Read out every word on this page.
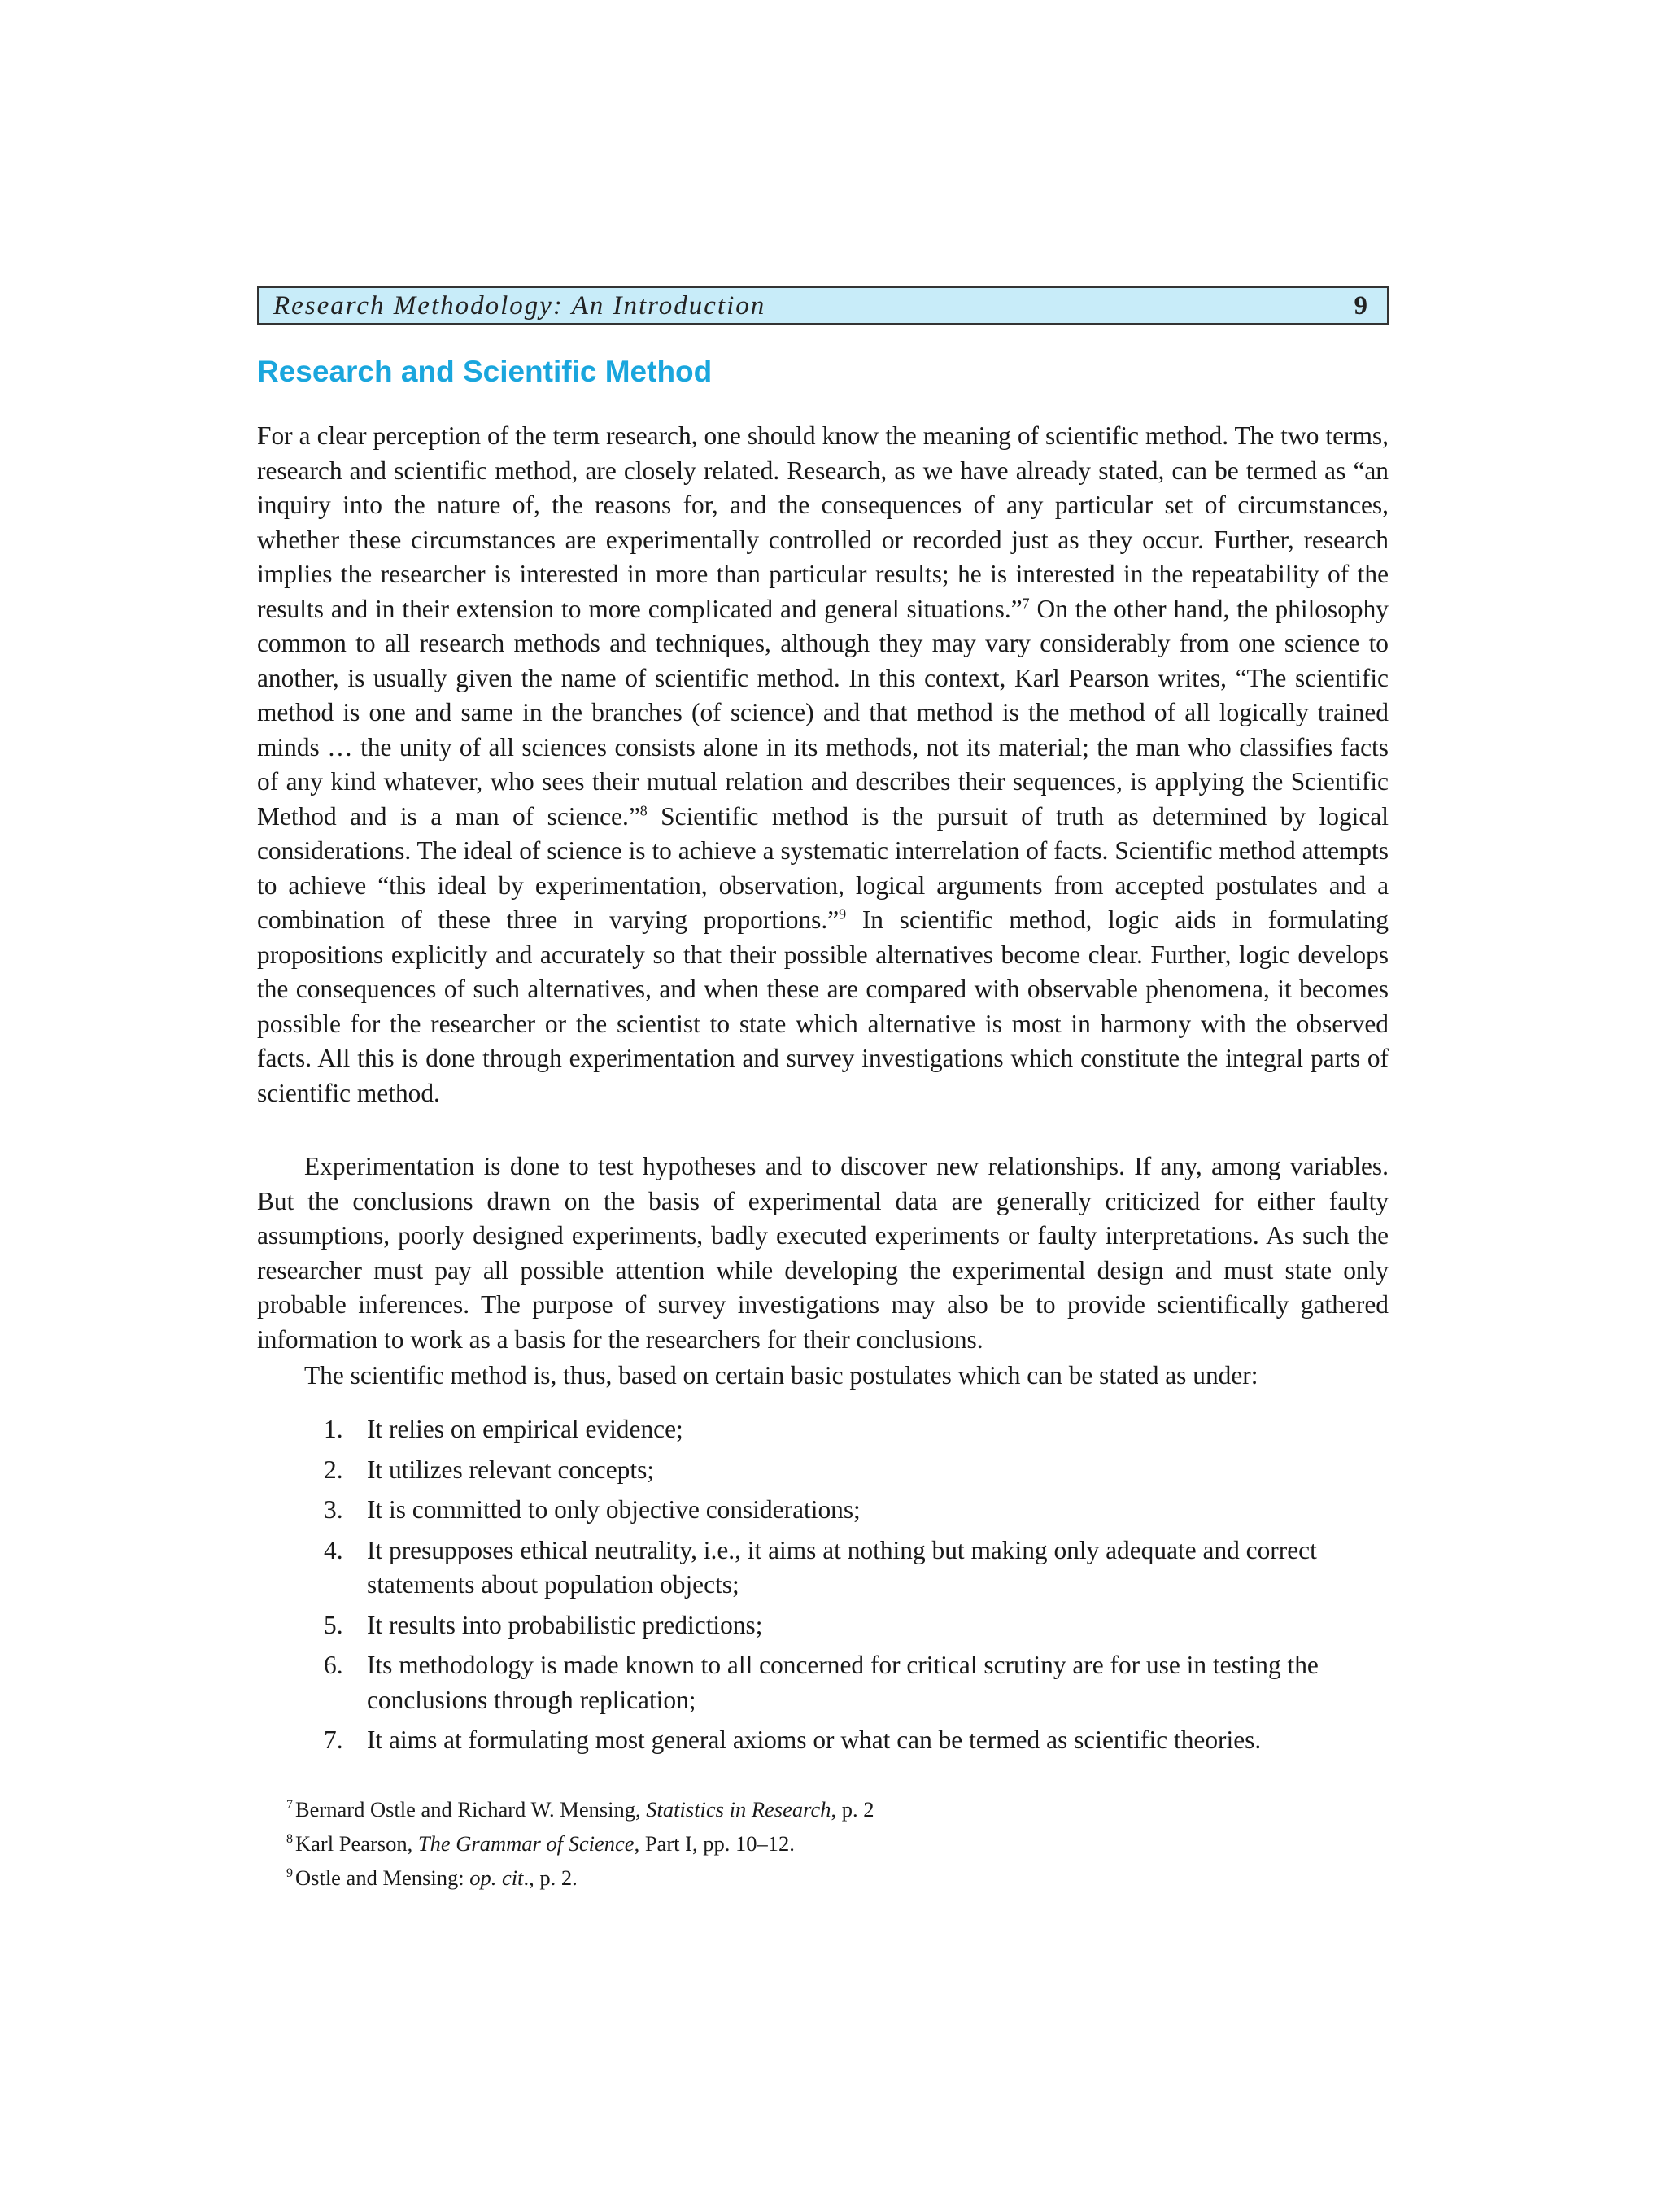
Research Methodology: An Introduction	9
Research and Scientific Method

For a clear perception of the term research, one should know the meaning of scientific method. The two terms, research and scientific method, are closely related. Research, as we have already stated, can be termed as “an inquiry into the nature of, the reasons for, and the consequences of any particular set of circumstances, whether these circumstances are experimentally controlled or recorded just as they occur. Further, research implies the researcher is interested in more than particular results; he is interested in the repeatability of the results and in their extension to more complicated and general situations.”$^7$ On the other hand, the philosophy common to all research methods and techniques, although they may vary considerably from one science to another, is usually given the name of scientific method. In this context, Karl Pearson writes, “The scientific method is one and same in the branches (of science) and that method is the method of all logically trained minds … the unity of all sciences consists alone in its methods, not its material; the man who classifies facts of any kind whatever, who sees their mutual relation and describes their sequences, is applying the Scientific Method and is a man of science.”$^8$ Scientific method is the pursuit of truth as determined by logical considerations. The ideal of science is to achieve a systematic interrelation of facts. Scientific method attempts to achieve “this ideal by experimentation, observation, logical arguments from accepted postulates and a combination of these three in varying proportions.”$^9$ In scientific method, logic aids in formulating propositions explicitly and accurately so that their possible alternatives become clear. Further, logic develops the consequences of such alternatives, and when these are compared with observable phenomena, it becomes possible for the researcher or the scientist to state which alternative is most in harmony with the observed facts. All this is done through experimentation and survey investigations which constitute the integral parts of scientific method.

Experimentation is done to test hypotheses and to discover new relationships. If any, among variables. But the conclusions drawn on the basis of experimental data are generally criticized for either faulty assumptions, poorly designed experiments, badly executed experiments or faulty interpretations. As such the researcher must pay all possible attention while developing the experimental design and must state only probable inferences. The purpose of survey investigations may also be to provide scientifically gathered information to work as a basis for the researchers for their conclusions.

The scientific method is, thus, based on certain basic postulates which can be stated as under:

1. It relies on empirical evidence;
2. It utilizes relevant concepts;
3. It is committed to only objective considerations;
4. It presupposes ethical neutrality, i.e., it aims at nothing but making only adequate and correct statements about population objects;
5. It results into probabilistic predictions;
6. Its methodology is made known to all concerned for critical scrutiny are for use in testing the conclusions through replication;
7. It aims at formulating most general axioms or what can be termed as scientific theories.
$^7$ Bernard Ostle and Richard W. Mensing, Statistics in Research, p. 2
$^8$ Karl Pearson, The Grammar of Science, Part I, pp. 10–12.
$^9$ Ostle and Mensing: op. cit., p. 2.
